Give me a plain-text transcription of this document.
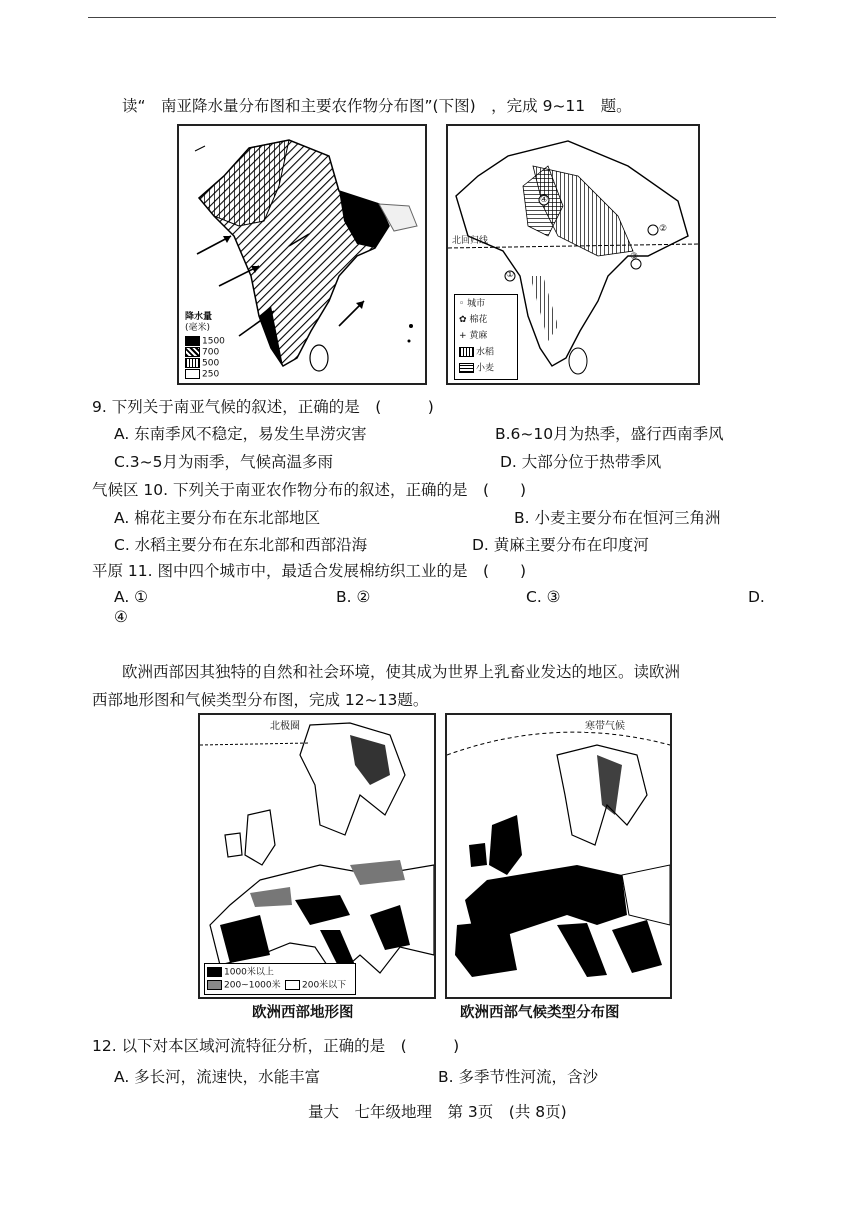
读“　南亚降水量分布图和主要农作物分布图”(下图)　，完成 9~11　题。
降水量
(毫米)
1500
700
500
250
④
②
③
①
北回归线
◦ 城市
✿ 棉花
+ 黄麻
水稻
小麦
9. 下列关于南亚气候的叙述，正确的是　(　　　)
A. 东南季风不稳定，易发生旱涝灾害	B.6~10月为热季，盛行西南季风
C.3~5月为雨季，气候高温多雨	D. 大部分位于热带季风
气候区 10. 下列关于南亚农作物分布的叙述，正确的是　(　　)
A. 棉花主要分布在东北部地区	B. 小麦主要分布在恒河三角洲
C. 水稻主要分布在东北部和西部沿海	D. 黄麻主要分布在印度河
平原 11. 图中四个城市中，最适合发展棉纺织工业的是　(　　)
A. ①	B. ②	C. ③	D.
④
欧洲西部因其独特的自然和社会环境，使其成为世界上乳畜业发达的地区。读欧洲
西部地形图和气候类型分布图，完成 12~13题。
北极圈
1000米以上
200~1000米	200米以下
欧洲西部地形图
寒带气候
欧洲西部气候类型分布图
12. 以下对本区域河流特征分析，正确的是　(　　　)
A. 多长河，流速快，水能丰富	B. 多季节性河流，含沙
量大　七年级地理　第 3页　(共 8页)
